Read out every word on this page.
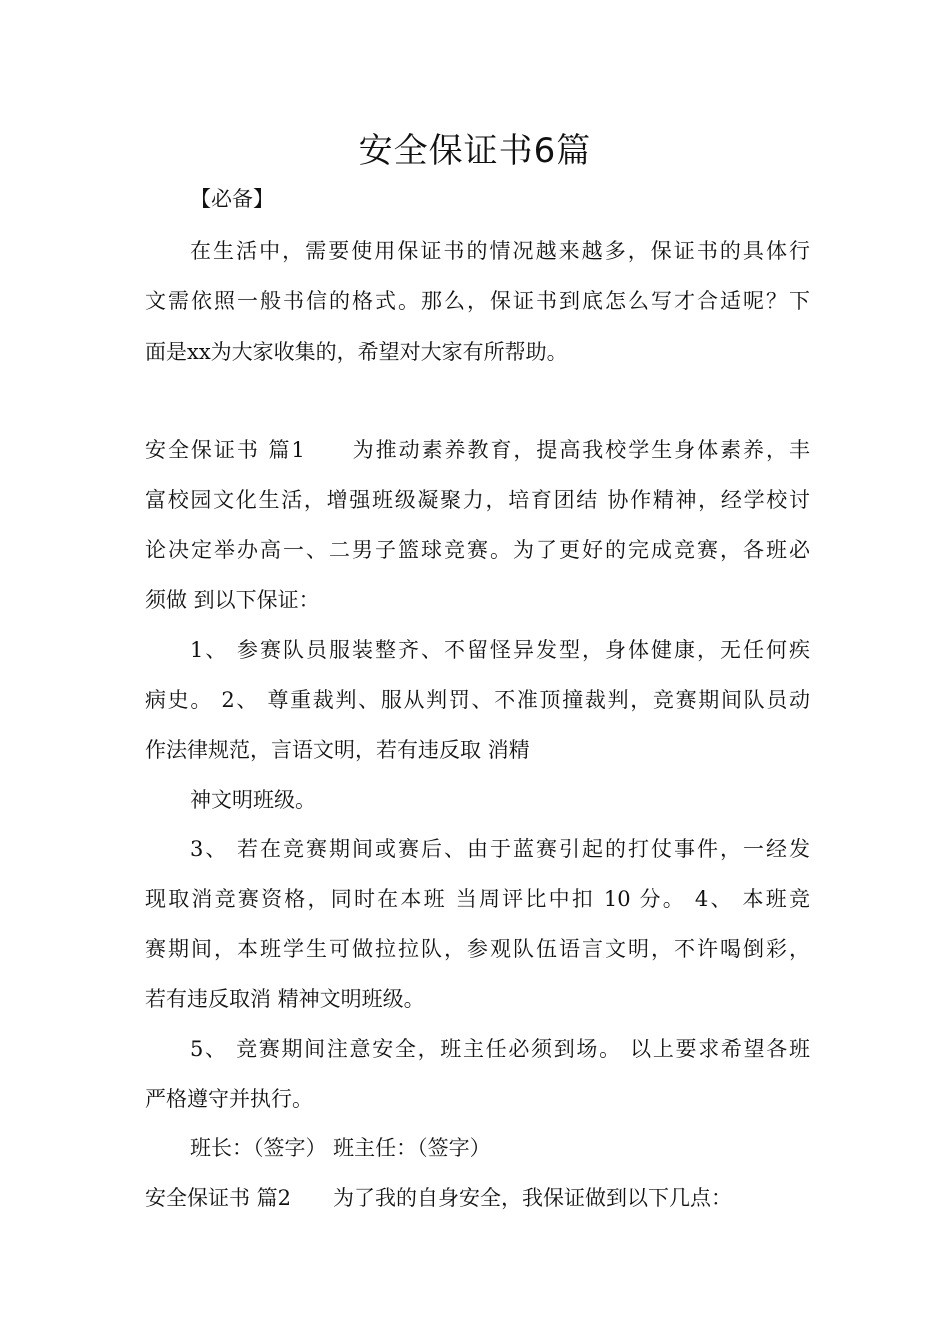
安全保证书6篇
【必备】
在生活中，需要使用保证书的情况越来越多，保证书的具体行
文需依照一般书信的格式。那么，保证书到底怎么写才合适呢？下
面是xx为大家收集的，希望对大家有所帮助。
安全保证书 篇1　　为推动素养教育，提高我校学生身体素养，丰
富校园文化生活，增强班级凝聚力，培育团结 协作精神，经学校讨
论决定举办高一、二男子篮球竞赛。为了更好的完成竞赛，各班必
须做 到以下保证：
1、 参赛队员服装整齐、不留怪异发型，身体健康，无任何疾
病史。 2、 尊重裁判、服从判罚、不准顶撞裁判，竞赛期间队员动
作法律规范，言语文明，若有违反取 消精
神文明班级。
3、 若在竞赛期间或赛后、由于蓝赛引起的打仗事件，一经发
现取消竞赛资格，同时在本班 当周评比中扣 10 分。 4、 本班竞
赛期间，本班学生可做拉拉队，参观队伍语言文明，不许喝倒彩，
若有违反取消 精神文明班级。
5、 竞赛期间注意安全，班主任必须到场。 以上要求希望各班
严格遵守并执行。
班长：（签字） 班主任：（签字）
安全保证书 篇2　　为了我的自身安全，我保证做到以下几点：
